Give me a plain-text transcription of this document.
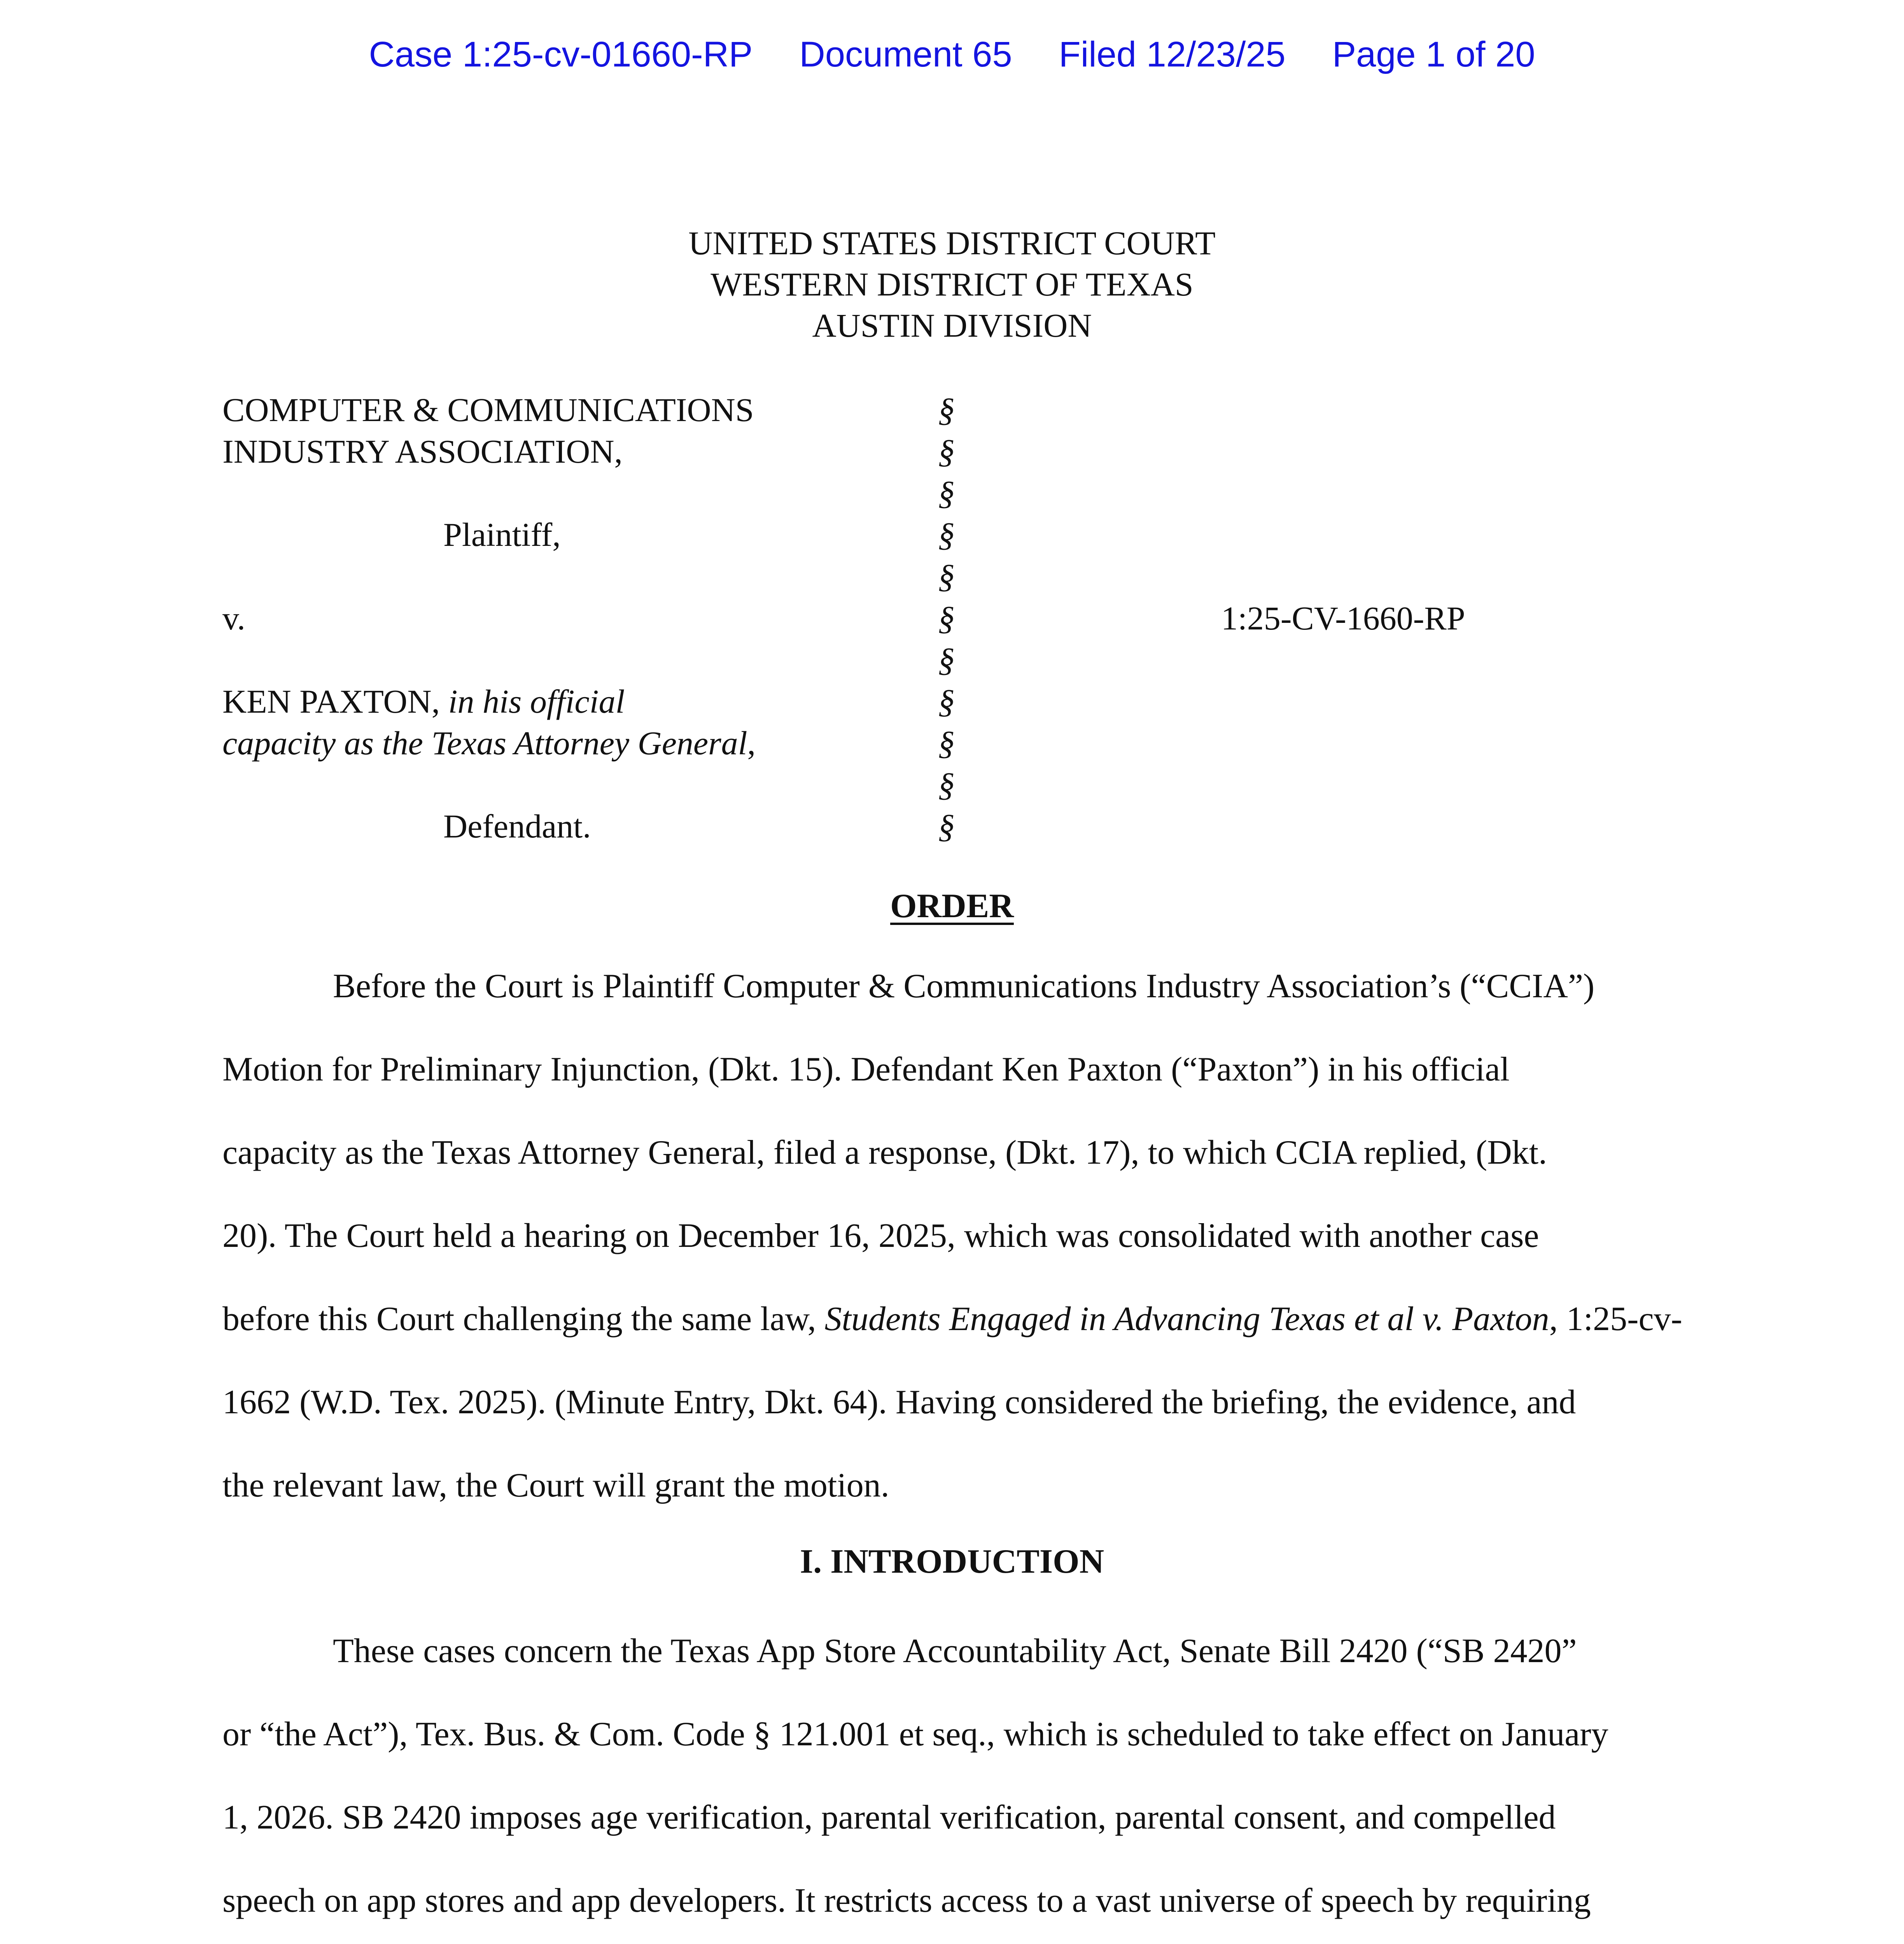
Case 1:25-cv-01660-RP Document 65 Filed 12/23/25 Page 1 of 20
UNITED STATES DISTRICT COURT
WESTERN DISTRICT OF TEXAS
AUSTIN DIVISION
COMPUTER & COMMUNICATIONS
INDUSTRY ASSOCIATION,
Plaintiff,
v.
KEN PAXTON, in his official
capacity as the Texas Attorney General,
Defendant.
§
§
§
§
§
§
§
§
§
§
§
1:25-CV-1660-RP
ORDER
Before the Court is Plaintiff Computer & Communications Industry Association’s (“CCIA”)
Motion for Preliminary Injunction, (Dkt. 15). Defendant Ken Paxton (“Paxton”) in his official
capacity as the Texas Attorney General, filed a response, (Dkt. 17), to which CCIA replied, (Dkt.
20). The Court held a hearing on December 16, 2025, which was consolidated with another case
before this Court challenging the same law, Students Engaged in Advancing Texas et al v. Paxton, 1:25-cv-
1662 (W.D. Tex. 2025). (Minute Entry, Dkt. 64). Having considered the briefing, the evidence, and
the relevant law, the Court will grant the motion.
I. INTRODUCTION
These cases concern the Texas App Store Accountability Act, Senate Bill 2420 (“SB 2420”
or “the Act”), Tex. Bus. & Com. Code § 121.001 et seq., which is scheduled to take effect on January
1, 2026. SB 2420 imposes age verification, parental verification, parental consent, and compelled
speech on app stores and app developers. It restricts access to a vast universe of speech by requiring
